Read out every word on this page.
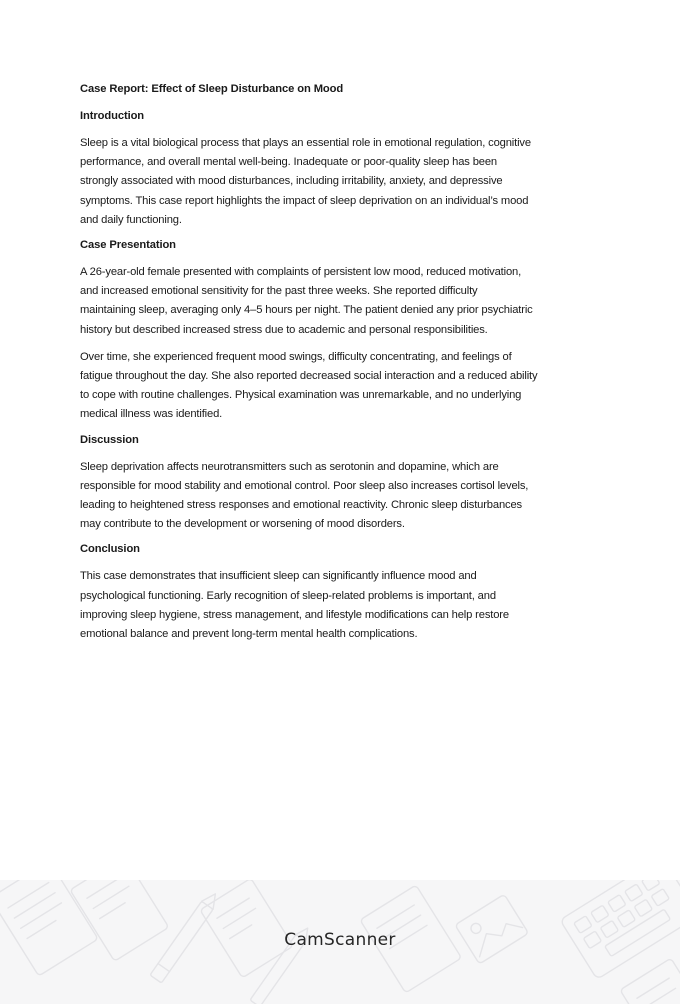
Case Report: Effect of Sleep Disturbance on Mood
Introduction
Sleep is a vital biological process that plays an essential role in emotional regulation, cognitive
performance, and overall mental well-being. Inadequate or poor-quality sleep has been
strongly associated with mood disturbances, including irritability, anxiety, and depressive
symptoms. This case report highlights the impact of sleep deprivation on an individual’s mood
and daily functioning.
Case Presentation
A 26-year-old female presented with complaints of persistent low mood, reduced motivation,
and increased emotional sensitivity for the past three weeks. She reported difficulty
maintaining sleep, averaging only 4–5 hours per night. The patient denied any prior psychiatric
history but described increased stress due to academic and personal responsibilities.
Over time, she experienced frequent mood swings, difficulty concentrating, and feelings of
fatigue throughout the day. She also reported decreased social interaction and a reduced ability
to cope with routine challenges. Physical examination was unremarkable, and no underlying
medical illness was identified.
Discussion
Sleep deprivation affects neurotransmitters such as serotonin and dopamine, which are
responsible for mood stability and emotional control. Poor sleep also increases cortisol levels,
leading to heightened stress responses and emotional reactivity. Chronic sleep disturbances
may contribute to the development or worsening of mood disorders.
Conclusion
This case demonstrates that insufficient sleep can significantly influence mood and
psychological functioning. Early recognition of sleep-related problems is important, and
improving sleep hygiene, stress management, and lifestyle modifications can help restore
emotional balance and prevent long-term mental health complications.
CamScanner
